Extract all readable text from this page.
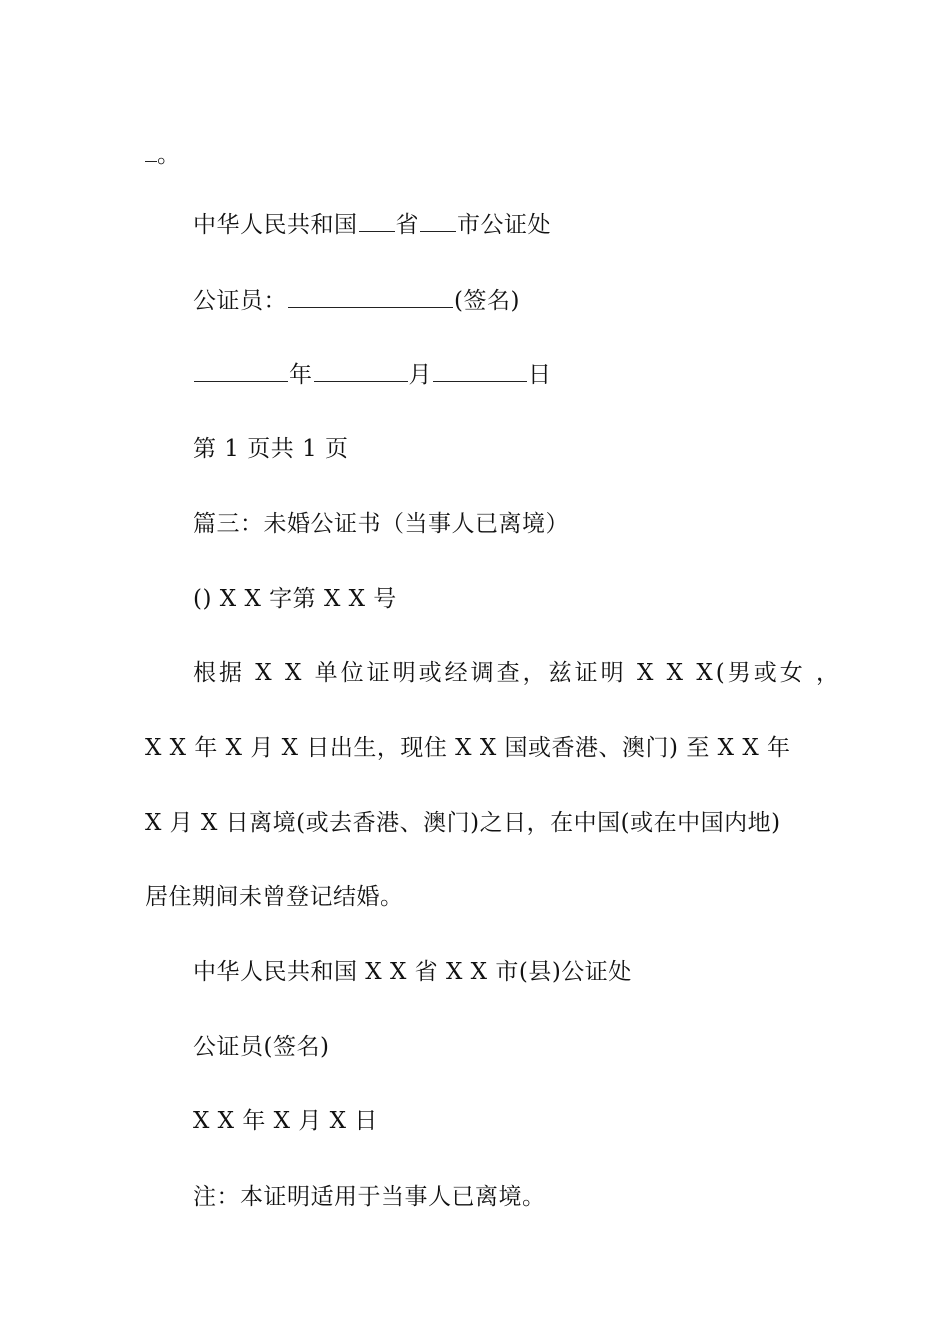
。
中华人民共和国 省 市公证处
公证员：	(签名)
年	月	日
第 1 页共 1 页
篇三：未婚公证书（当事人已离境）
() X X 字第 X X 号
根据 X X 单位证明或经调查，兹证明 X X X(男或女 ，
X X 年 X 月 X 日出生，现住 X X 国或香港、澳门) 至 X X 年
X 月 X 日离境(或去香港、澳门)之日，在中国(或在中国内地)
居住期间未曾登记结婚。
中华人民共和国 X X 省 X X 市(县)公证处
公证员(签名)
X X 年 X 月 X 日
注：本证明适用于当事人已离境。
